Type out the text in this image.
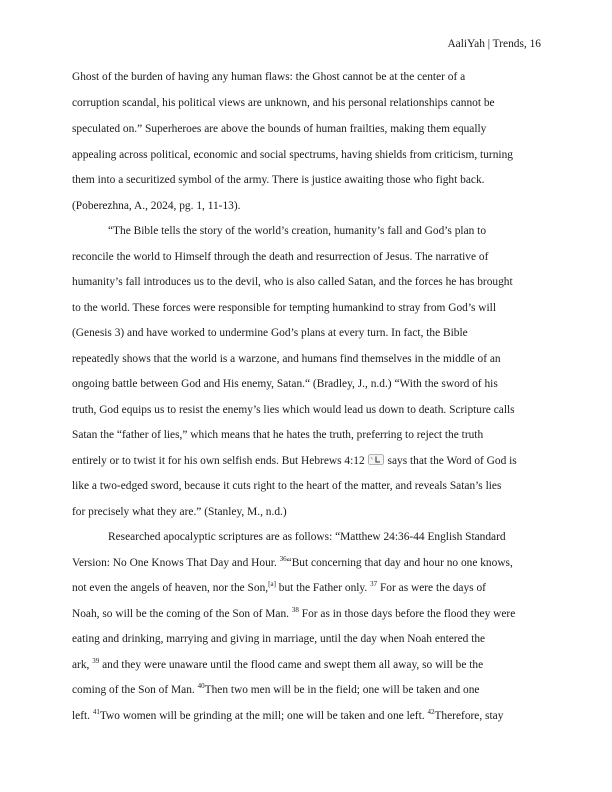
AaliYah | Trends, 16
Ghost of the burden of having any human flaws: the Ghost cannot be at the center of a
corruption scandal, his political views are unknown, and his personal relationships cannot be
speculated on.” Superheroes are above the bounds of human frailties, making them equally
appealing across political, economic and social spectrums, having shields from criticism, turning
them into a securitized symbol of the army. There is justice awaiting those who fight back.
(Poberezhna, A., 2024, pg. 1, 11-13).
“The Bible tells the story of the world’s creation, humanity’s fall and God’s plan to
reconcile the world to Himself through the death and resurrection of Jesus. The narrative of
humanity’s fall introduces us to the devil, who is also called Satan, and the forces he has brought
to the world. These forces were responsible for tempting humankind to stray from God’s will
(Genesis 3) and have worked to undermine God’s plans at every turn. In fact, the Bible
repeatedly shows that the world is a warzone, and humans find themselves in the middle of an
ongoing battle between God and His enemy, Satan.“ (Bradley, J., n.d.) “With the sword of his
truth, God equips us to resist the enemy’s lies which would lead us down to death. Scripture calls
Satan the “father of lies,” which means that he hates the truth, preferring to reject the truth
entirely or to twist it for his own selfish ends. But Hebrews 4:12 says that the Word of God is
like a two-edged sword, because it cuts right to the heart of the matter, and reveals Satan’s lies
for precisely what they are.” (Stanley, M., n.d.)
Researched apocalyptic scriptures are as follows: “Matthew 24:36-44 English Standard
Version: No One Knows That Day and Hour. $^{36}$“But concerning that day and hour no one knows,
not even the angels of heaven, nor the Son,[a] but the Father only. $^{37}$ For as were the days of
Noah, so will be the coming of the Son of Man. $^{38}$ For as in those days before the flood they were
eating and drinking, marrying and giving in marriage, until the day when Noah entered the
ark, $^{39}$ and they were unaware until the flood came and swept them all away, so will be the
coming of the Son of Man. $^{40}$Then two men will be in the field; one will be taken and one
left. $^{41}$Two women will be grinding at the mill; one will be taken and one left. $^{42}$Therefore, stay
